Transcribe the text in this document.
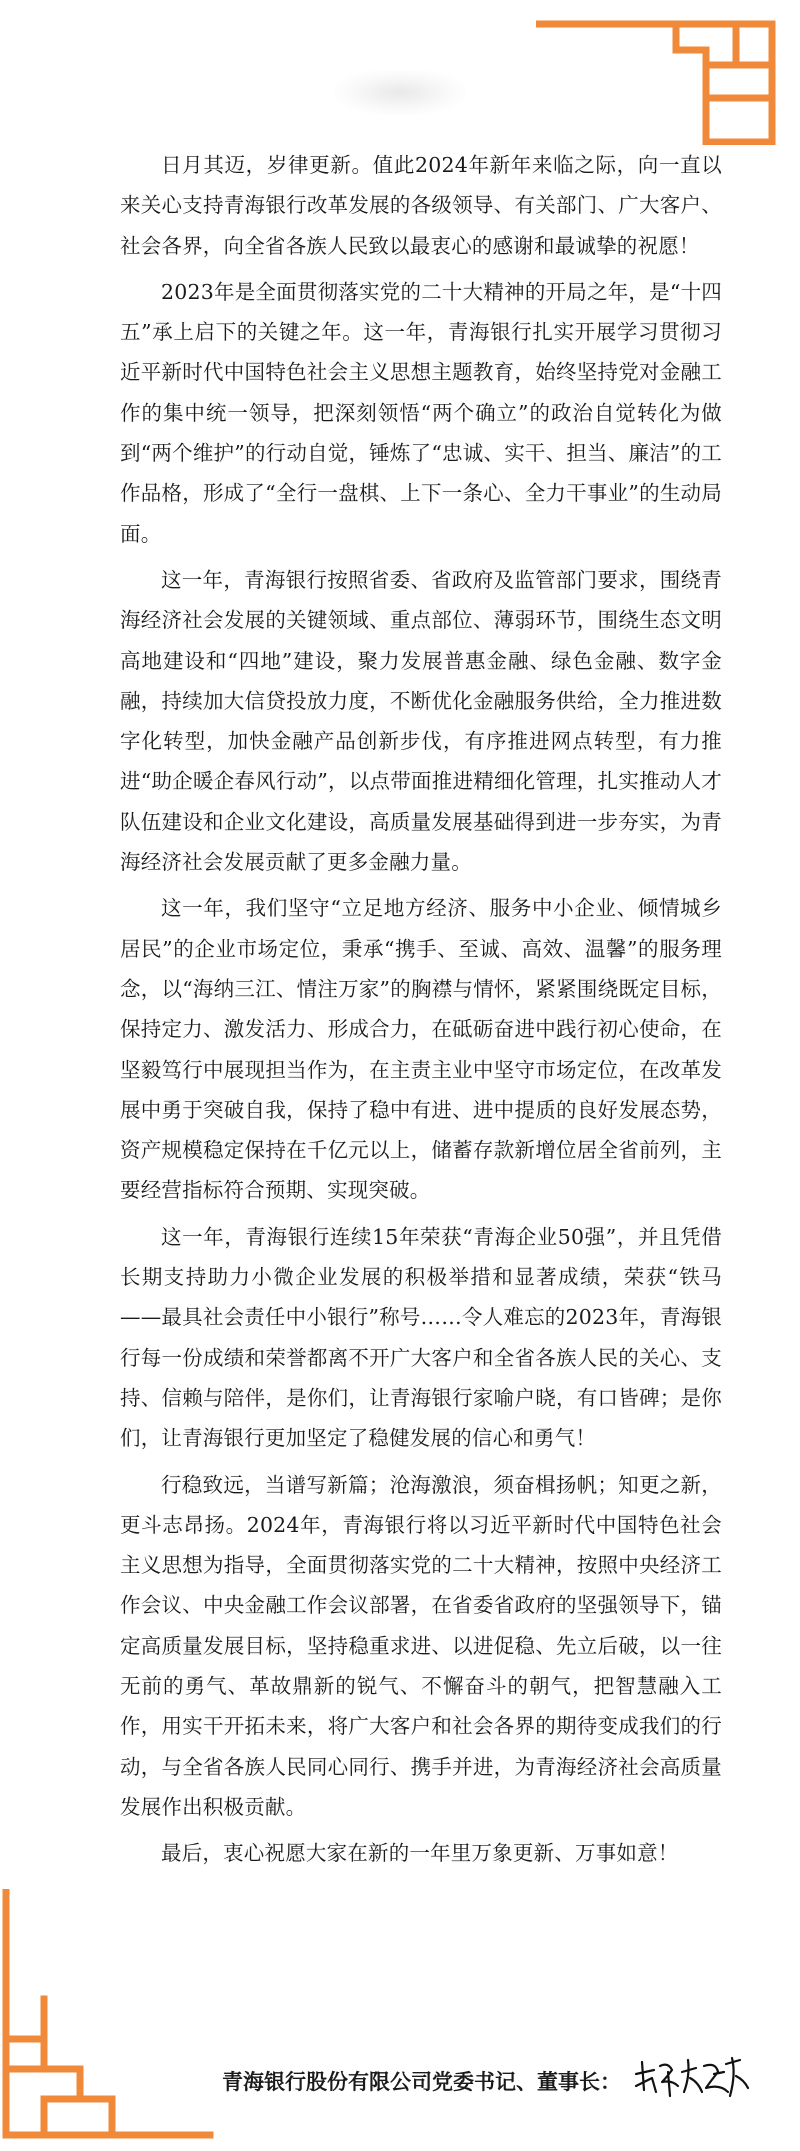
日月其迈，岁律更新。值此2024年新年来临之际，向一直以来关心支持青海银行改革发展的各级领导、有关部门、广大客户、社会各界，向全省各族人民致以最衷心的感谢和最诚挚的祝愿！

2023年是全面贯彻落实党的二十大精神的开局之年，是“十四五”承上启下的关键之年。这一年，青海银行扎实开展学习贯彻习近平新时代中国特色社会主义思想主题教育，始终坚持党对金融工作的集中统一领导，把深刻领悟“两个确立”的政治自觉转化为做到“两个维护”的行动自觉，锤炼了“忠诚、实干、担当、廉洁”的工作品格，形成了“全行一盘棋、上下一条心、全力干事业”的生动局面。

这一年，青海银行按照省委、省政府及监管部门要求，围绕青海经济社会发展的关键领域、重点部位、薄弱环节，围绕生态文明高地建设和“四地”建设，聚力发展普惠金融、绿色金融、数字金融，持续加大信贷投放力度，不断优化金融服务供给，全力推进数字化转型，加快金融产品创新步伐，有序推进网点转型，有力推进“助企暖企春风行动”，以点带面推进精细化管理，扎实推动人才队伍建设和企业文化建设，高质量发展基础得到进一步夯实，为青海经济社会发展贡献了更多金融力量。

这一年，我们坚守“立足地方经济、服务中小企业、倾情城乡居民”的企业市场定位，秉承“携手、至诚、高效、温馨”的服务理念，以“海纳三江、情注万家”的胸襟与情怀，紧紧围绕既定目标，保持定力、激发活力、形成合力，在砥砺奋进中践行初心使命，在坚毅笃行中展现担当作为，在主责主业中坚守市场定位，在改革发展中勇于突破自我，保持了稳中有进、进中提质的良好发展态势，资产规模稳定保持在千亿元以上，储蓄存款新增位居全省前列，主要经营指标符合预期、实现突破。

这一年，青海银行连续15年荣获“青海企业50强”，并且凭借长期支持助力小微企业发展的积极举措和显著成绩，荣获“铁马——最具社会责任中小银行”称号……令人难忘的2023年，青海银行每一份成绩和荣誉都离不开广大客户和全省各族人民的关心、支持、信赖与陪伴，是你们，让青海银行家喻户晓，有口皆碑；是你们，让青海银行更加坚定了稳健发展的信心和勇气！

行稳致远，当谱写新篇；沧海激浪，须奋楫扬帆；知更之新，更斗志昂扬。2024年，青海银行将以习近平新时代中国特色社会主义思想为指导，全面贯彻落实党的二十大精神，按照中央经济工作会议、中央金融工作会议部署，在省委省政府的坚强领导下，锚定高质量发展目标，坚持稳重求进、以进促稳、先立后破，以一往无前的勇气、革故鼎新的锐气、不懈奋斗的朝气，把智慧融入工作，用实干开拓未来，将广大客户和社会各界的期待变成我们的行动，与全省各族人民同心同行、携手并进，为青海经济社会高质量发展作出积极贡献。

最后，衷心祝愿大家在新的一年里万象更新、万事如意！

青海银行股份有限公司党委书记、董事长：
